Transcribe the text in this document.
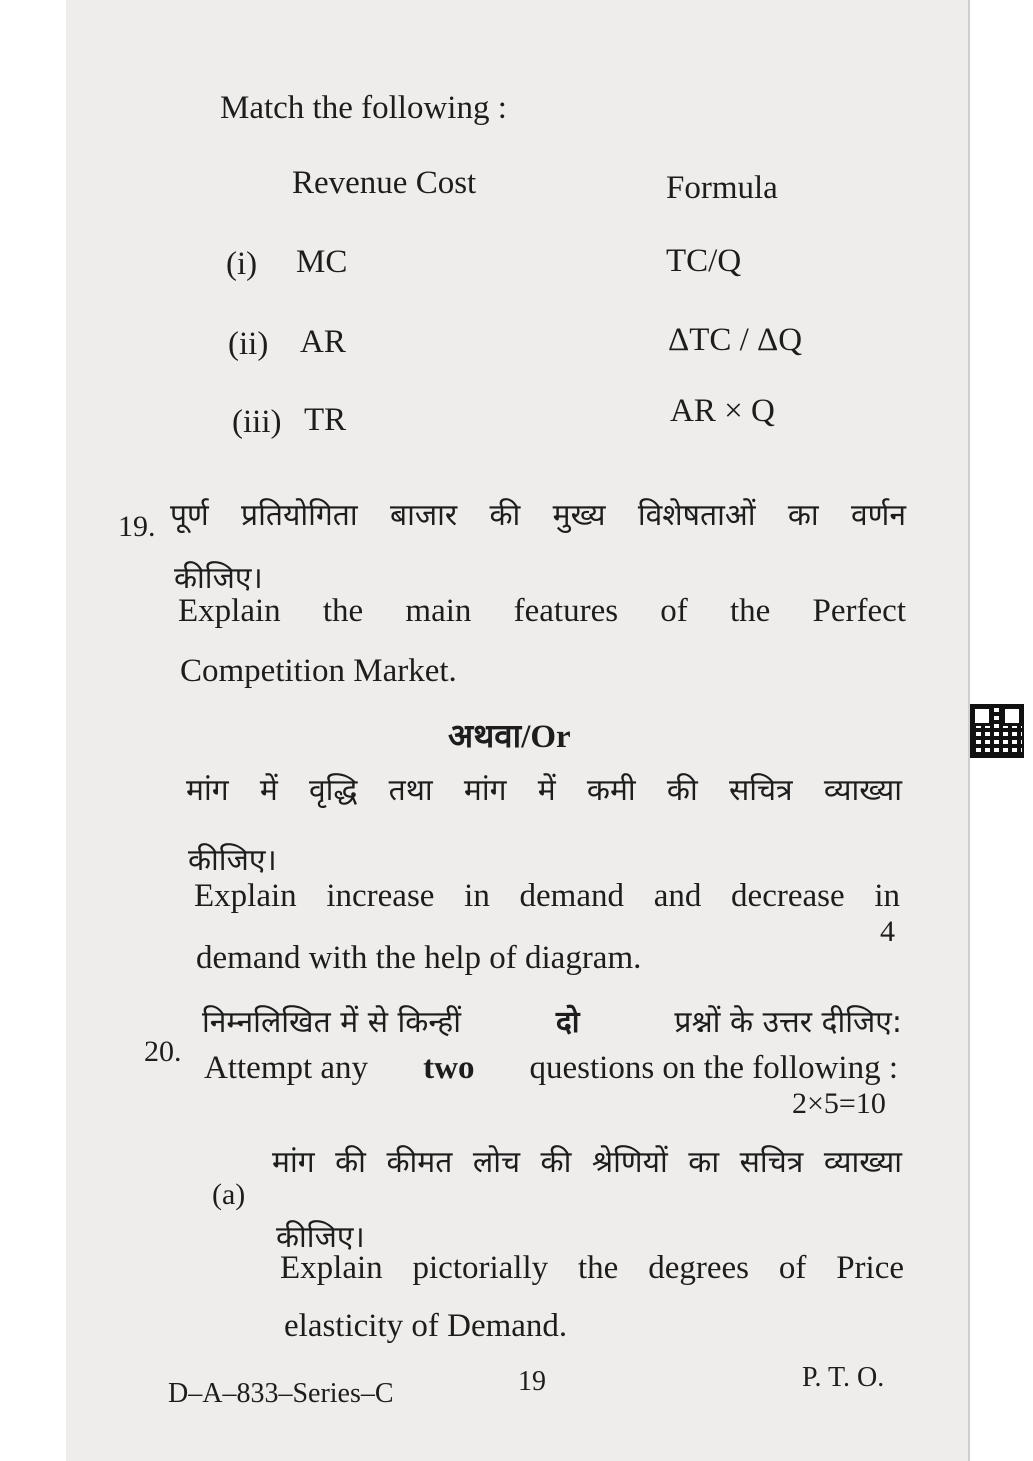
Match the following :
Revenue Cost	Formula
(i) MC	TC/Q
(ii) AR	ΔTC / ΔQ
(iii) TR	AR × Q
19. पूर्ण प्रतियोगिता बाजार की मुख्य विशेषताओं का वर्णन
कीजिए।
Explain the main features of the Perfect
Competition Market.
अथवा/Or
मांग में वृद्धि तथा मांग में कमी की सचित्र व्याख्या
कीजिए।
Explain increase in demand and decrease in
demand with the help of diagram.
4
20.
निम्नलिखित में से किन्हीं	दो	प्रश्नों के उत्तर दीजिए:
Attempt any two questions on the following :
2×5=10
(a)
मांग की कीमत लोच की श्रेणियों का सचित्र व्याख्या
कीजिए।
Explain pictorially the degrees of Price
elasticity of Demand.
D–A–833–Series–C	19	P. T. O.
